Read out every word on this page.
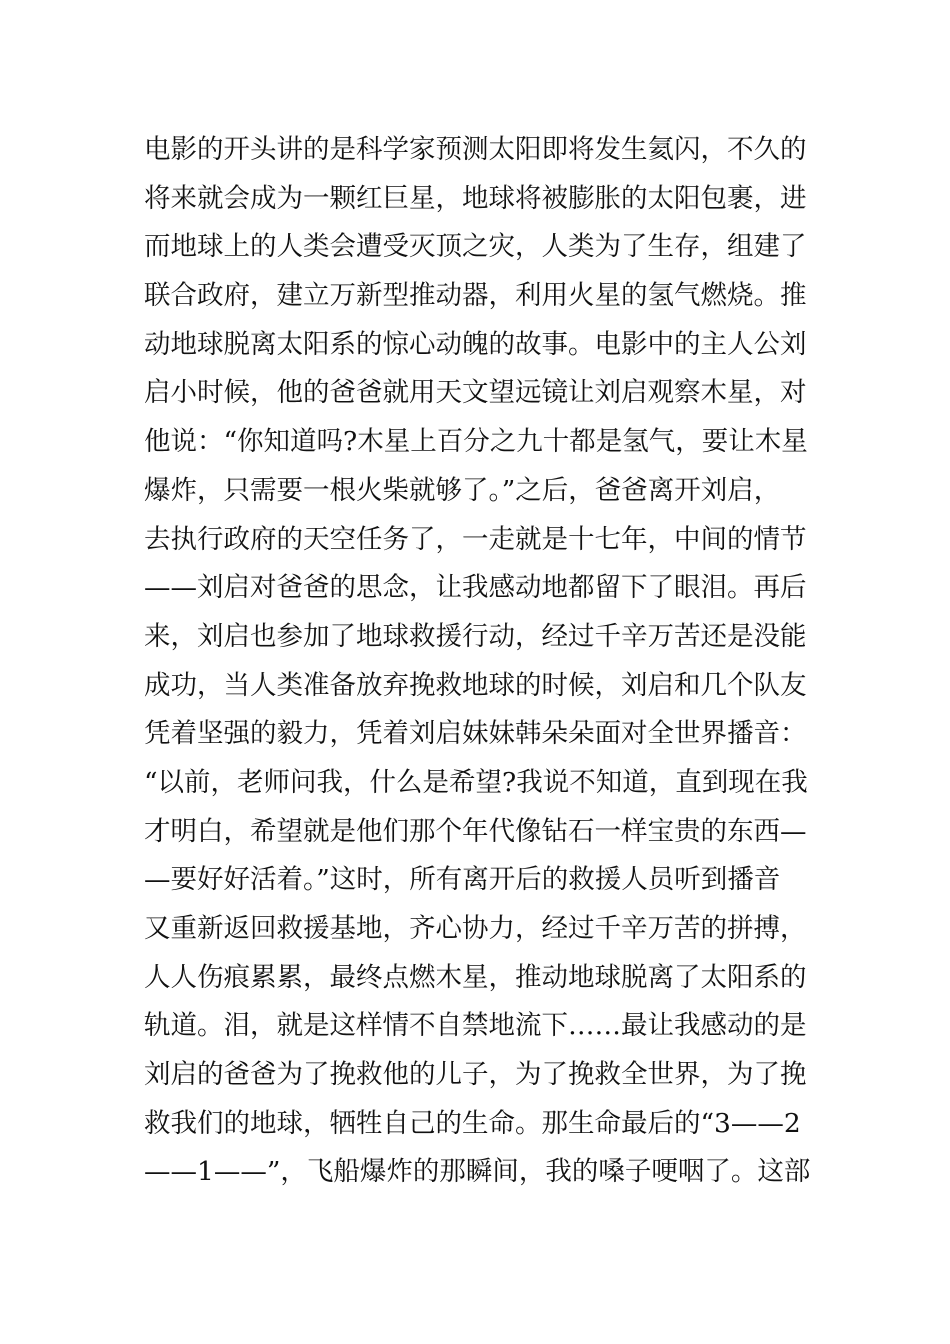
电影的开头讲的是科学家预测太阳即将发生氦闪，不久的
将来就会成为一颗红巨星，地球将被膨胀的太阳包裹，进
而地球上的人类会遭受灭顶之灾，人类为了生存，组建了
联合政府，建立万新型推动器，利用火星的氢气燃烧。推
动地球脱离太阳系的惊心动魄的故事。电影中的主人公刘
启小时候，他的爸爸就用天文望远镜让刘启观察木星，对
他说：“你知道吗?木星上百分之九十都是氢气，要让木星
爆炸，只需要一根火柴就够了。”之后，爸爸离开刘启，
去执行政府的天空任务了，一走就是十七年，中间的情节
——刘启对爸爸的思念，让我感动地都留下了眼泪。再后
来，刘启也参加了地球救援行动，经过千辛万苦还是没能
成功，当人类准备放弃挽救地球的时候，刘启和几个队友
凭着坚强的毅力，凭着刘启妹妹韩朵朵面对全世界播音：
“以前，老师问我，什么是希望?我说不知道，直到现在我
才明白，希望就是他们那个年代像钻石一样宝贵的东西—
—要好好活着。”这时，所有离开后的救援人员听到播音
又重新返回救援基地，齐心协力，经过千辛万苦的拼搏，
人人伤痕累累，最终点燃木星，推动地球脱离了太阳系的
轨道。泪，就是这样情不自禁地流下……最让我感动的是
刘启的爸爸为了挽救他的儿子，为了挽救全世界，为了挽
救我们的地球，牺牲自己的生命。那生命最后的“3——2
——1——”，飞船爆炸的那瞬间，我的嗓子哽咽了。这部
